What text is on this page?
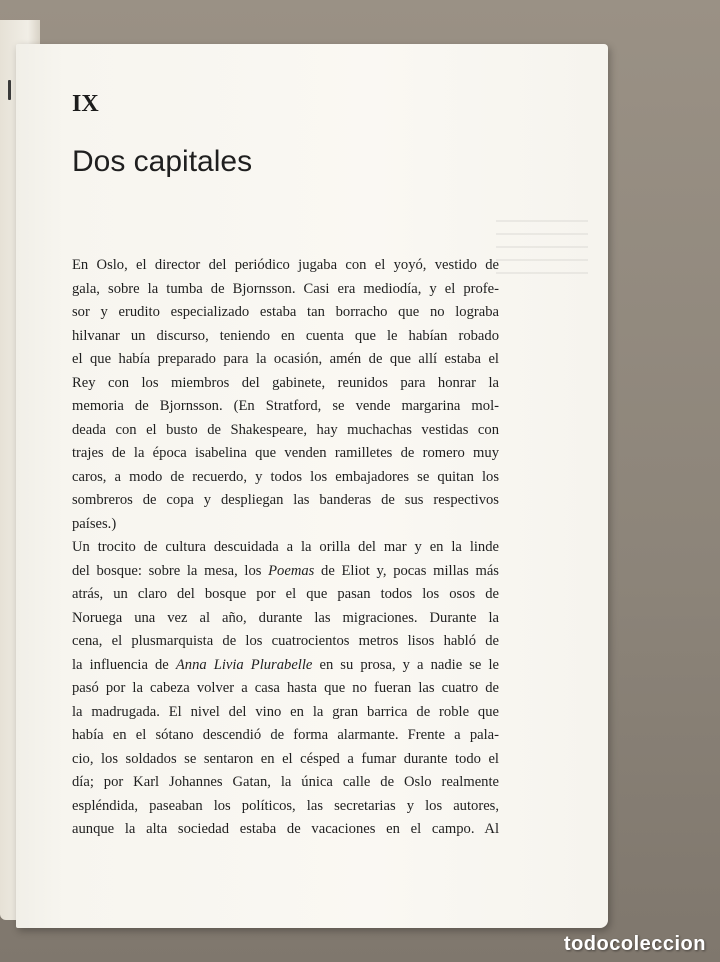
IX
Dos capitales
En Oslo, el director del periódico jugaba con el yoyó, vestido de
gala, sobre la tumba de Bjornsson. Casi era mediodía, y el profe-
sor y erudito especializado estaba tan borracho que no lograba
hilvanar un discurso, teniendo en cuenta que le habían robado
el que había preparado para la ocasión, amén de que allí estaba el
Rey con los miembros del gabinete, reunidos para honrar la
memoria de Bjornsson. (En Stratford, se vende margarina mol-
deada con el busto de Shakespeare, hay muchachas vestidas con
trajes de la época isabelina que venden ramilletes de romero muy
caros, a modo de recuerdo, y todos los embajadores se quitan los
sombreros de copa y despliegan las banderas de sus respectivos
países.)
Un trocito de cultura descuidada a la orilla del mar y en la linde
del bosque: sobre la mesa, los Poemas de Eliot y, pocas millas más
atrás, un claro del bosque por el que pasan todos los osos de
Noruega una vez al año, durante las migraciones. Durante la
cena, el plusmarquista de los cuatrocientos metros lisos habló de
la influencia de Anna Livia Plurabelle en su prosa, y a nadie se le
pasó por la cabeza volver a casa hasta que no fueran las cuatro de
la madrugada. El nivel del vino en la gran barrica de roble que
había en el sótano descendió de forma alarmante. Frente a pala-
cio, los soldados se sentaron en el césped a fumar durante todo el
día; por Karl Johannes Gatan, la única calle de Oslo realmente
espléndida, paseaban los políticos, las secretarias y los autores,
aunque la alta sociedad estaba de vacaciones en el campo. Al
todocoleccion
